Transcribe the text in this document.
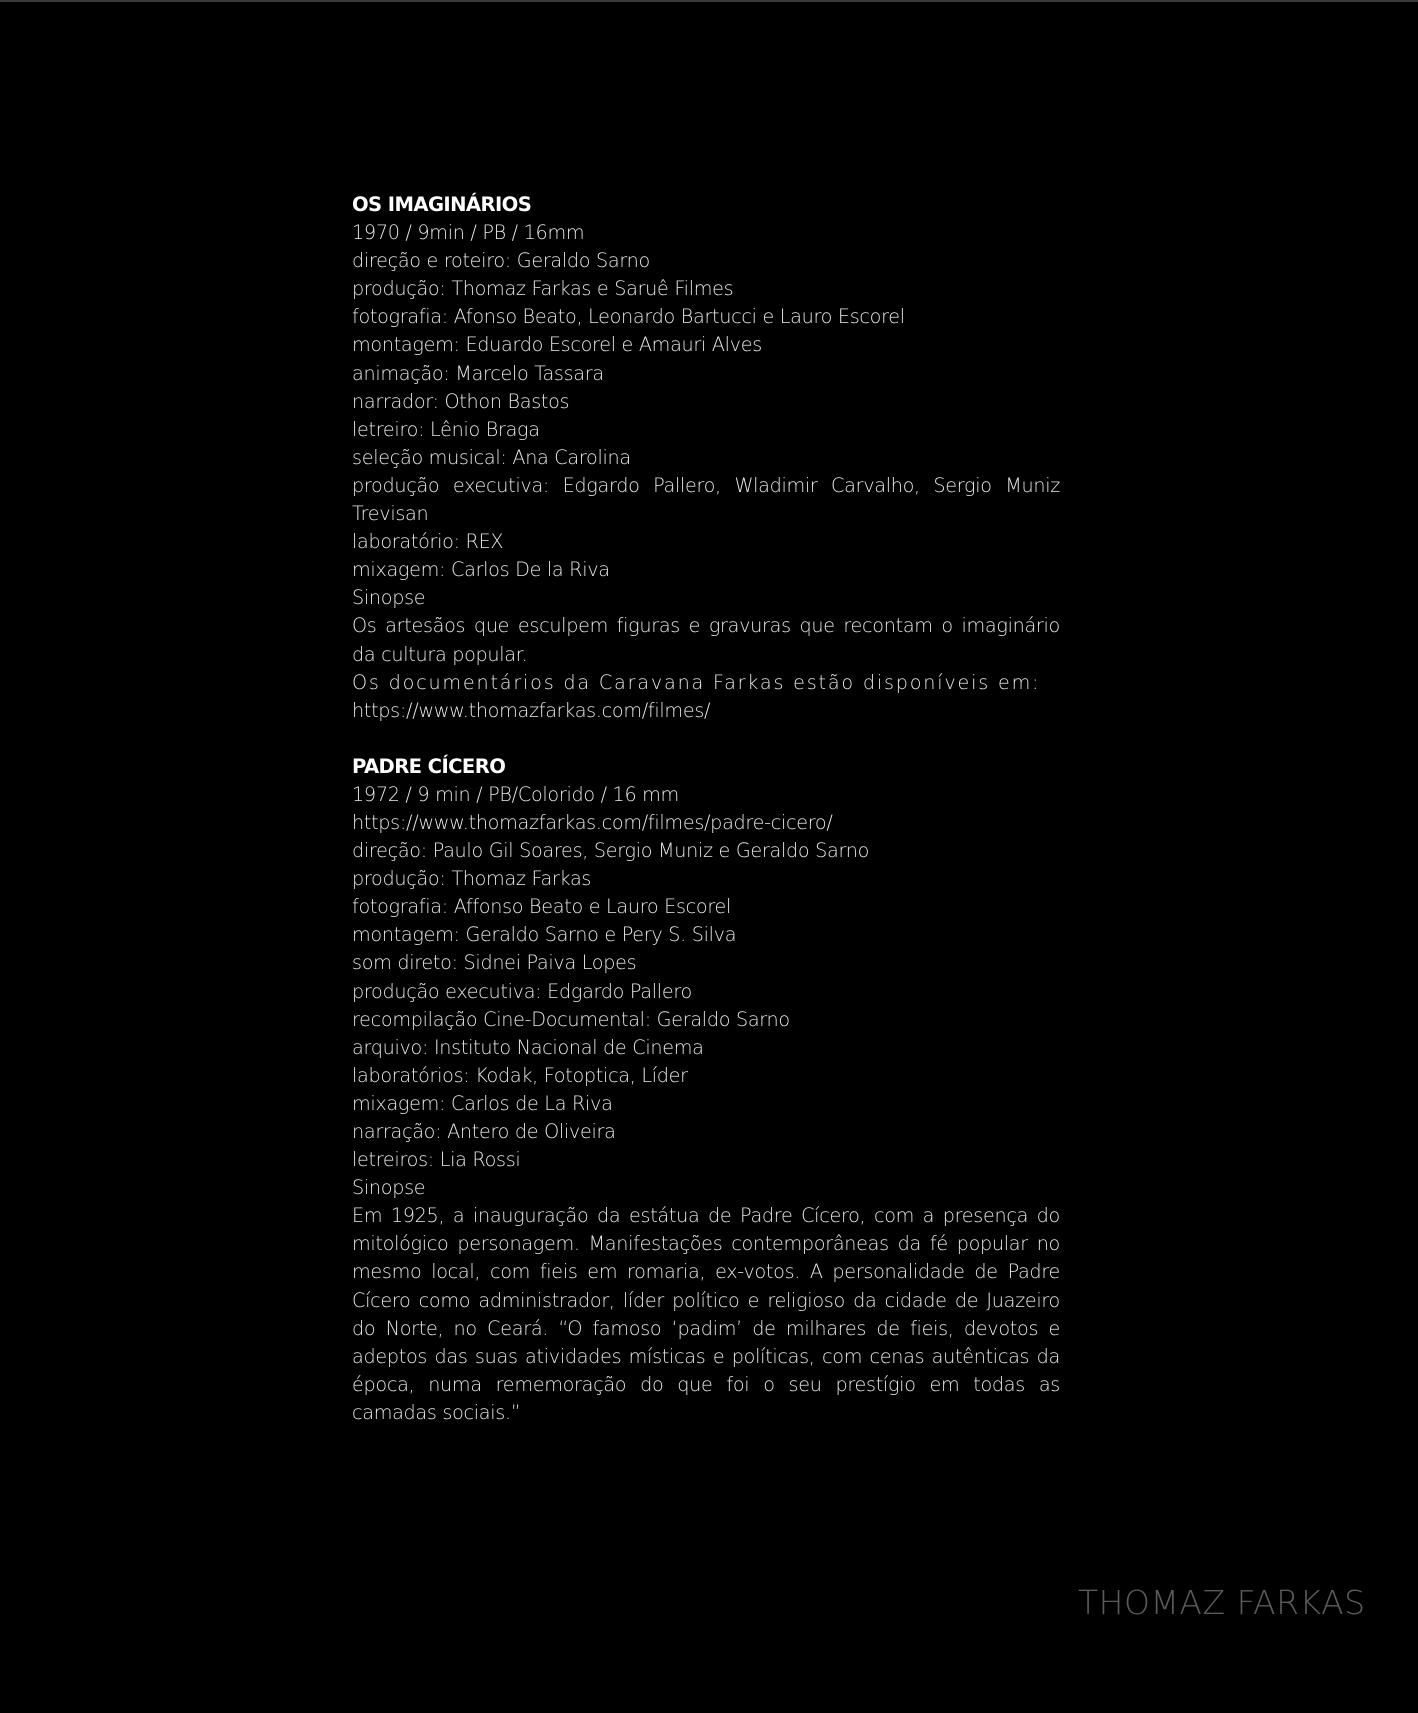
OS IMAGINÁRIOS
1970 / 9min / PB / 16mm
direção e roteiro: Geraldo Sarno
produção: Thomaz Farkas e Saruê Filmes
fotografia: Afonso Beato, Leonardo Bartucci e Lauro Escorel
montagem: Eduardo Escorel e Amauri Alves
animação: Marcelo Tassara
narrador: Othon Bastos
letreiro: Lênio Braga
seleção musical: Ana Carolina
produção executiva: Edgardo Pallero, Wladimir Carvalho, Sergio Muniz Trevisan
laboratório: REX
mixagem: Carlos De la Riva
Sinopse
Os artesãos que esculpem figuras e gravuras que recontam o imaginário da cultura popular.
Os documentários da Caravana Farkas estão disponíveis em:
https://www.thomazfarkas.com/filmes/
PADRE CÍCERO
1972 / 9 min / PB/Colorido / 16 mm
https://www.thomazfarkas.com/filmes/padre-cicero/
direção: Paulo Gil Soares, Sergio Muniz e Geraldo Sarno
produção: Thomaz Farkas
fotografia: Affonso Beato e Lauro Escorel
montagem: Geraldo Sarno e Pery S. Silva
som direto: Sidnei Paiva Lopes
produção executiva: Edgardo Pallero
recompilação Cine-Documental: Geraldo Sarno
arquivo: Instituto Nacional de Cinema
laboratórios: Kodak, Fotoptica, Líder
mixagem: Carlos de La Riva
narração: Antero de Oliveira
letreiros: Lia Rossi
Sinopse
Em 1925, a inauguração da estátua de Padre Cícero, com a presença do mitológico personagem. Manifestações contemporâneas da fé popular no mesmo local, com fieis em romaria, ex-votos. A personalidade de Padre Cícero como administrador, líder político e religioso da cidade de Juazeiro do Norte, no Ceará. “O famoso ‘padim’ de milhares de fieis, devotos e adeptos das suas atividades místicas e políticas, com cenas autênticas da época, numa rememoração do que foi o seu prestígio em todas as camadas sociais.”
THOMAZ FARKAS
